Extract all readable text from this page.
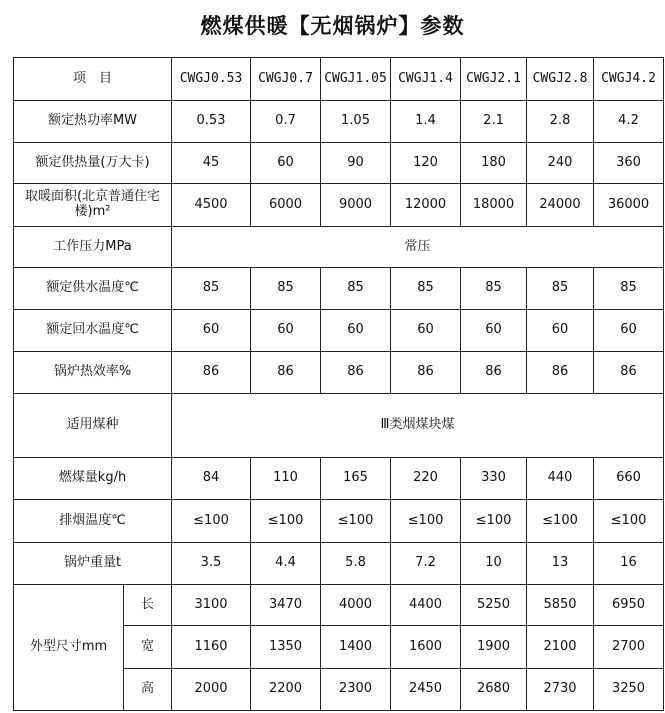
燃煤供暖【无烟锅炉】参数
项　目		CWGJ0.53	CWGJ0.7	CWGJ1.05	CWGJ1.4	CWGJ2.1	CWGJ2.8	CWGJ4.2
额定热功率MW		0.53	0.7	1.05	1.4	2.1	2.8	4.2
额定供热量(万大卡)		45	60	90	120	180	240	360
取暖面积(北京普通住宅楼)m²		4500	6000	9000	12000	18000	24000	36000
工作压力MPa		常压						
额定供水温度℃		85	85	85	85	85	85	85
额定回水温度℃		60	60	60	60	60	60	60
锅炉热效率%		86	86	86	86	86	86	86
适用煤种		Ⅲ类烟煤块煤						
燃煤量kg/h		84	110	165	220	330	440	660
排烟温度℃		≤100	≤100	≤100	≤100	≤100	≤100	≤100
锅炉重量t		3.5	4.4	5.8	7.2	10	13	16
外型尺寸mm	长	3100	3470	4000	4400	5250	5850	6950
	宽	1160	1350	1400	1600	1900	2100	2700
	高	2000	2200	2300	2450	2680	2730	3250
